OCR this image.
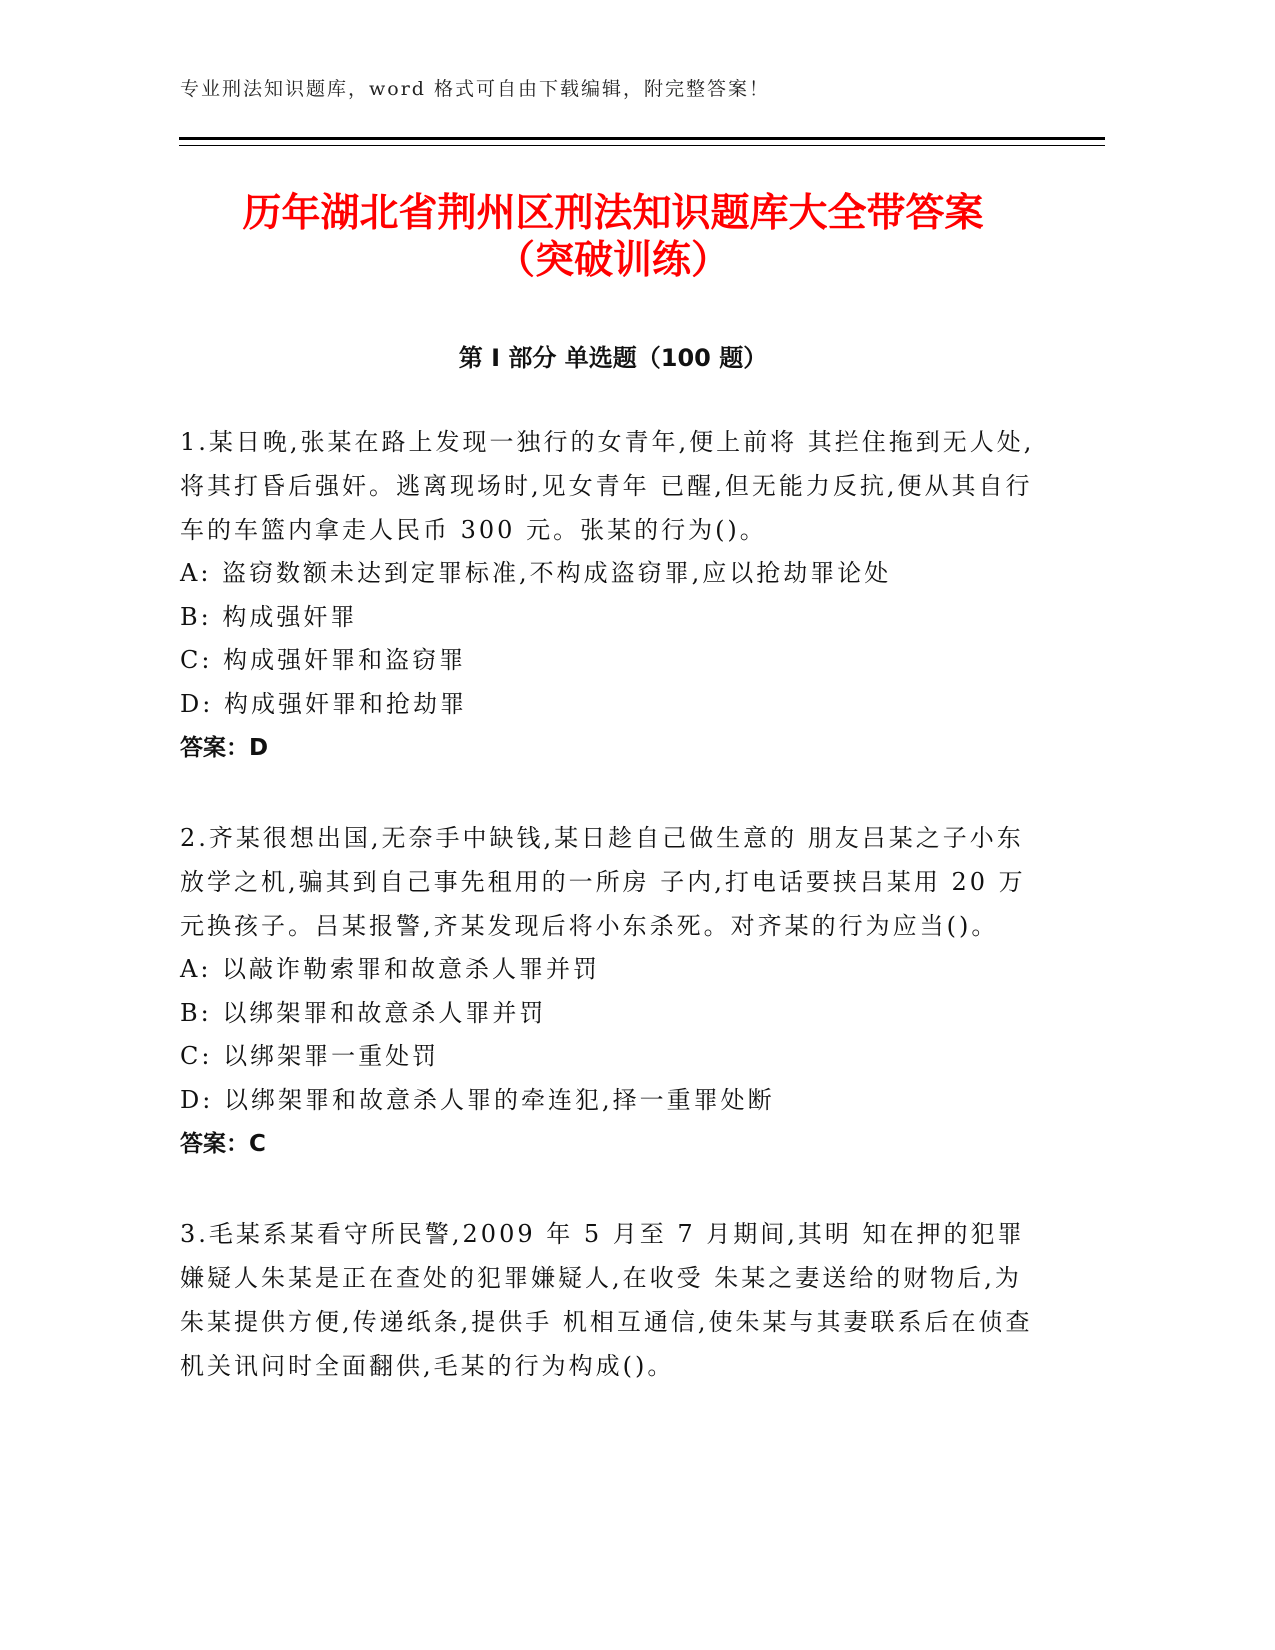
专业刑法知识题库，word 格式可自由下载编辑，附完整答案！
历年湖北省荆州区刑法知识题库大全带答案
（突破训练）
第 I 部分 单选题（100 题）
1.某日晚,张某在路上发现一独行的女青年,便上前将 其拦住拖到无人处,将其打昏后强奸。逃离现场时,见女青年 已醒,但无能力反抗,便从其自行车的车篮内拿走人民币 300 元。张某的行为()。
A: 盗窃数额未达到定罪标准,不构成盗窃罪,应以抢劫罪论处
B: 构成强奸罪
C: 构成强奸罪和盗窃罪
D: 构成强奸罪和抢劫罪
答案：D
2.齐某很想出国,无奈手中缺钱,某日趁自己做生意的 朋友吕某之子小东放学之机,骗其到自己事先租用的一所房 子内,打电话要挟吕某用 20 万元换孩子。吕某报警,齐某发现后将小东杀死。对齐某的行为应当()。
A: 以敲诈勒索罪和故意杀人罪并罚
B: 以绑架罪和故意杀人罪并罚
C: 以绑架罪一重处罚
D: 以绑架罪和故意杀人罪的牵连犯,择一重罪处断
答案：C
3.毛某系某看守所民警,2009 年 5 月至 7 月期间,其明 知在押的犯罪嫌疑人朱某是正在查处的犯罪嫌疑人,在收受 朱某之妻送给的财物后,为朱某提供方便,传递纸条,提供手 机相互通信,使朱某与其妻联系后在侦查机关讯问时全面翻供,毛某的行为构成()。
